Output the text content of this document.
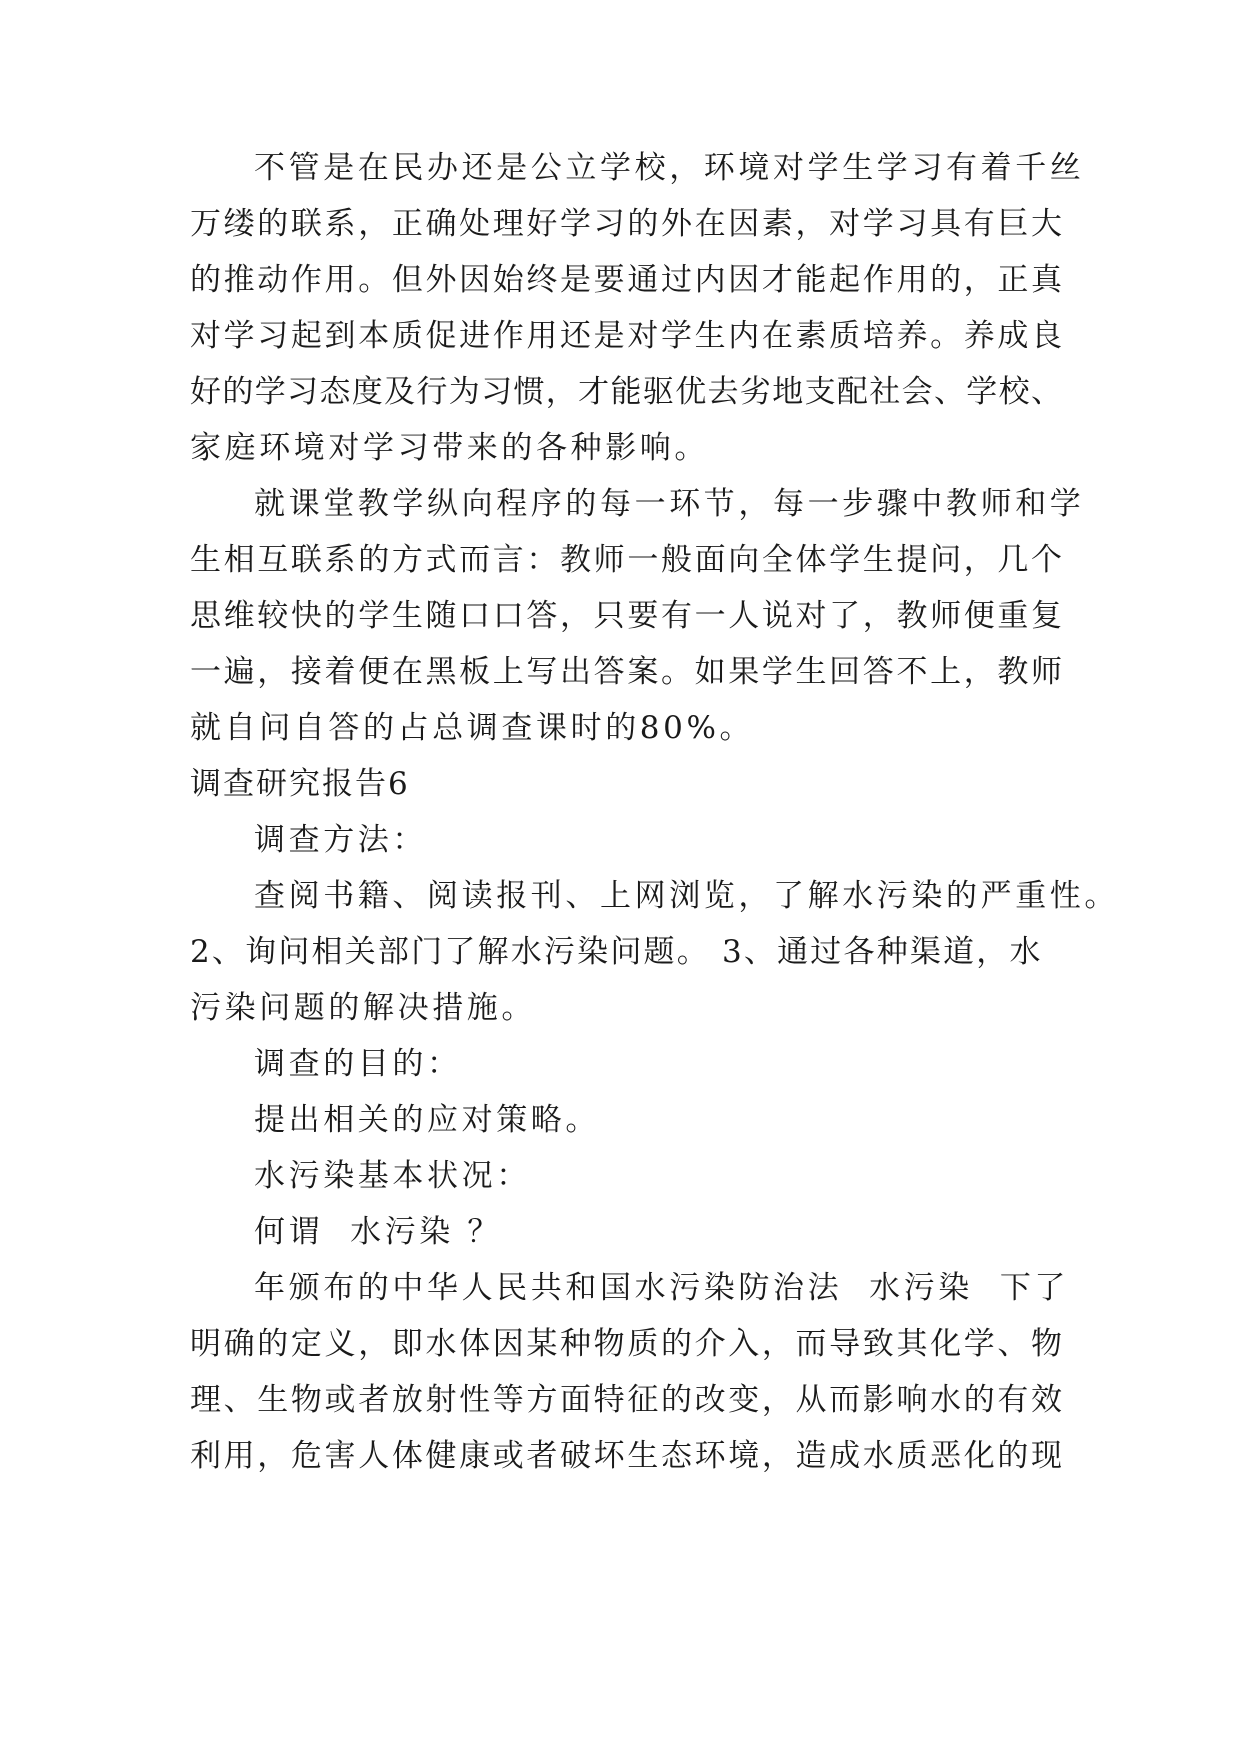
不管是在民办还是公立学校，环境对学生学习有着千丝
万缕的联系，正确处理好学习的外在因素，对学习具有巨大
的推动作用。但外因始终是要通过内因才能起作用的，正真
对学习起到本质促进作用还是对学生内在素质培养。养成良
好的学习态度及行为习惯，才能驱优去劣地支配社会、学校、
家庭环境对学习带来的各种影响。
就课堂教学纵向程序的每一环节，每一步骤中教师和学
生相互联系的方式而言：教师一般面向全体学生提问，几个
思维较快的学生随口口答，只要有一人说对了，教师便重复
一遍，接着便在黑板上写出答案。如果学生回答不上，教师
就自问自答的占总调查课时的80%。
调查研究报告6
调查方法：
查阅书籍、阅读报刊、上网浏览，了解水污染的严重性。
2、询问相关部门了解水污染问题。 3、通过各种渠道，水
污染问题的解决措施。
调查的目的：
提出相关的应对策略。
水污染基本状况：
何谓  水污染 ？
年颁布的中华人民共和国水污染防治法  水污染  下了
明确的定义，即水体因某种物质的介入，而导致其化学、物
理、生物或者放射性等方面特征的改变，从而影响水的有效
利用，危害人体健康或者破坏生态环境，造成水质恶化的现
